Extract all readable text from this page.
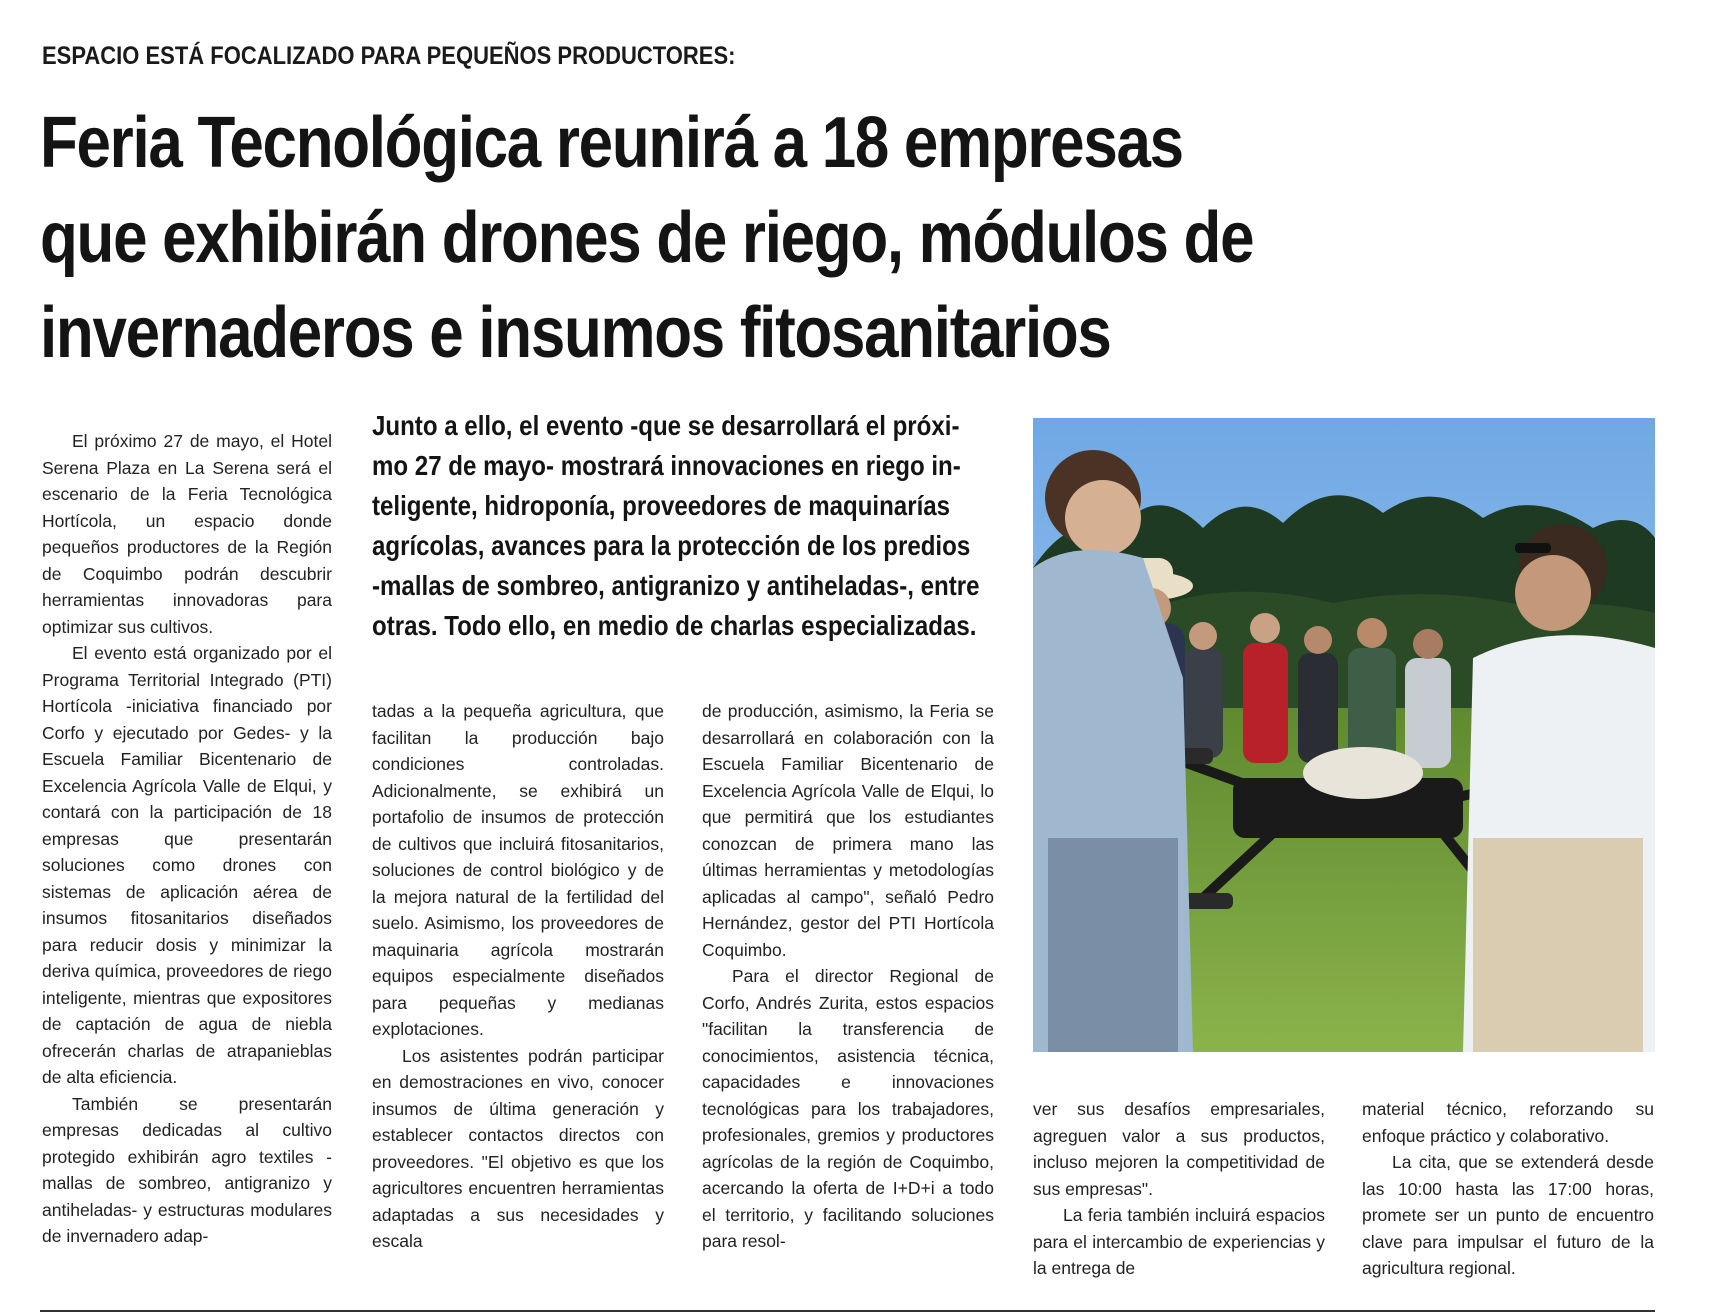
ESPACIO ESTÁ FOCALIZADO PARA PEQUEÑOS PRODUCTORES:
Feria Tecnológica reunirá a 18 empresas
que exhibirán drones de riego, módulos de
invernaderos e insumos fitosanitarios

El próximo 27 de mayo, el Hotel Serena Plaza en La Serena será el escenario de la Feria Tecnológica Hortícola, un espacio donde pequeños productores de la Región de Coquimbo podrán descubrir herramientas innovadoras para optimizar sus cultivos.

El evento está organizado por el Programa Territorial Integrado (PTI) Hortícola -iniciativa financiado por Corfo y ejecutado por Gedes- y la Escuela Familiar Bicentenario de Excelencia Agrícola Valle de Elqui, y contará con la participación de 18 empresas que presentarán soluciones como drones con sistemas de aplicación aérea de insumos fitosanitarios diseñados para reducir dosis y minimizar la deriva química, proveedores de riego inteligente, mientras que expositores de captación de agua de niebla ofrecerán charlas de atrapanieblas de alta eficiencia.

También se presentarán empresas dedicadas al cultivo protegido exhibirán agro textiles -mallas de sombreo, antigranizo y antiheladas- y estructuras modulares de invernadero adap-

Junto a ello, el evento -que se desarrollará el próxi-
mo 27 de mayo- mostrará innovaciones en riego in-
teligente, hidroponía, proveedores de maquinarías
agrícolas, avances para la protección de los predios
-mallas de sombreo, antigranizo y antiheladas-, entre
otras. Todo ello, en medio de charlas especializadas.

tadas a la pequeña agricultura, que facilitan la producción bajo condiciones controladas. Adicionalmente, se exhibirá un portafolio de insumos de protección de cultivos que incluirá fitosanitarios, soluciones de control biológico y de la mejora natural de la fertilidad del suelo. Asimismo, los proveedores de maquinaria agrícola mostrarán equipos especialmente diseñados para pequeñas y medianas explotaciones.

Los asistentes podrán participar en demostraciones en vivo, conocer insumos de última generación y establecer contactos directos con proveedores. "El objetivo es que los agricultores encuentren herramientas adaptadas a sus necesidades y escala

de producción, asimismo, la Feria se desarrollará en colaboración con la Escuela Familiar Bicentenario de Excelencia Agrícola Valle de Elqui, lo que permitirá que los estudiantes conozcan de primera mano las últimas herramientas y metodologías aplicadas al campo", señaló Pedro Hernández, gestor del PTI Hortícola Coquimbo.

Para el director Regional de Corfo, Andrés Zurita, estos espacios "facilitan la transferencia de conocimientos, asistencia técnica, capacidades e innovaciones tecnológicas para los trabajadores, profesionales, gremios y productores agrícolas de la región de Coquimbo, acercando la oferta de I+D+i a todo el territorio, y facilitando soluciones para resol-

ver sus desafíos empresariales, agreguen valor a sus productos, incluso mejoren la competitividad de sus empresas".

La feria también incluirá espacios para el intercambio de experiencias y la entrega de

material técnico, reforzando su enfoque práctico y colaborativo.

La cita, que se extenderá desde las 10:00 hasta las 17:00 horas, promete ser un punto de encuentro clave para impulsar el futuro de la agricultura regional.
